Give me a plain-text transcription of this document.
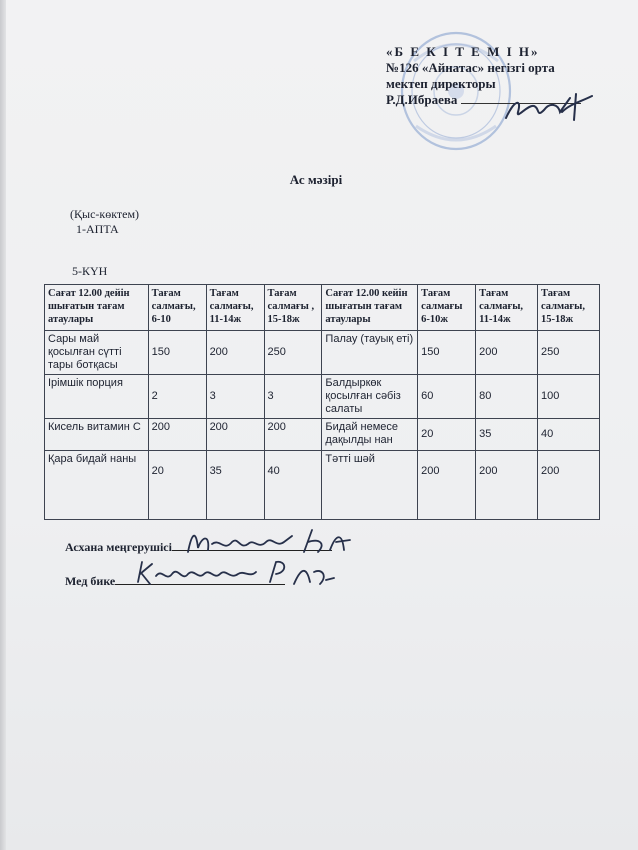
«Б Е К І Т Е М І Н»
№126 «Айнатас» негізгі орта
мектеп директоры
Р.Д.Ибраева
Ас мәзірі
(Қыс-көктем)
1-АПТА
5-КҮН
Сағат 12.00 дейін шығатын тағам атаулары	Тағам салмағы, 6-10	Тағам салмағы, 11-14ж	Тағам салмағы , 15-18ж	Сағат 12.00 кейін шығатын тағам атаулары	Тағам салмағы 6-10ж	Тағам салмағы, 11-14ж	Тағам салмағы, 15-18ж
Сары май қосылған сүтті тары ботқасы	150	200	250	Палау (тауық еті)	150	200	250
Ірімшік порция	2	3	3	Балдыркөк қосылған сәбіз салаты	60	80	100
Кисель витамин С	200	200	200	Бидай немесе дақылды нан	20	35	40
Қара бидай наны	20	35	40	Тәтті шәй	200	200	200
Асхана меңгерушісі
Мед бике
